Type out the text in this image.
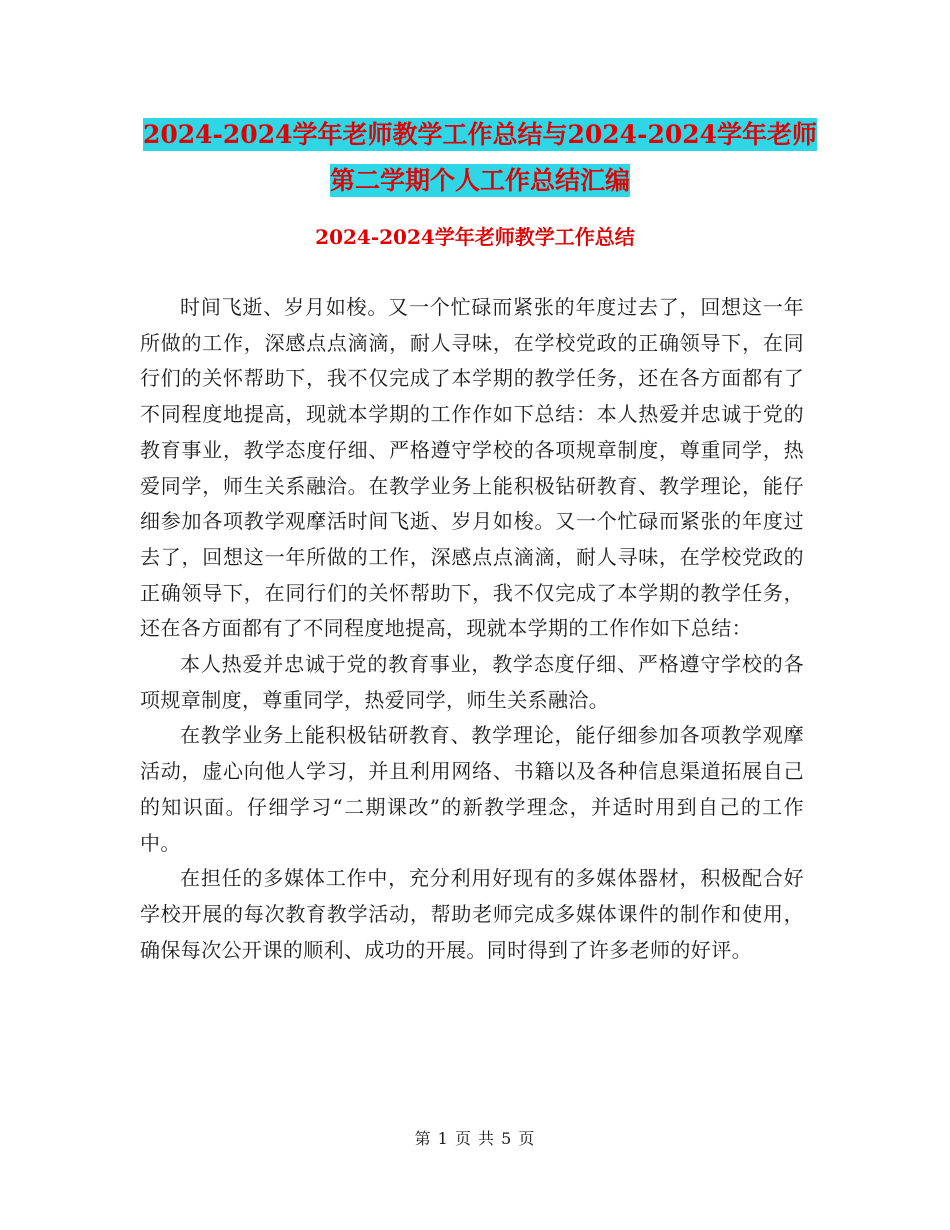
2024-2024学年老师教学工作总结与2024-2024学年老师第二学期个人工作总结汇编
2024-2024学年老师教学工作总结

时间飞逝、岁月如梭。又一个忙碌而紧张的年度过去了，回想这一年所做的工作，深感点点滴滴，耐人寻味，在学校党政的正确领导下，在同行们的关怀帮助下，我不仅完成了本学期的教学任务，还在各方面都有了不同程度地提高，现就本学期的工作作如下总结：本人热爱并忠诚于党的教育事业，教学态度仔细、严格遵守学校的各项规章制度，尊重同学，热爱同学，师生关系融洽。在教学业务上能积极钻研教育、教学理论，能仔细参加各项教学观摩活时间飞逝、岁月如梭。又一个忙碌而紧张的年度过去了，回想这一年所做的工作，深感点点滴滴，耐人寻味，在学校党政的正确领导下，在同行们的关怀帮助下，我不仅完成了本学期的教学任务，还在各方面都有了不同程度地提高，现就本学期的工作作如下总结：

本人热爱并忠诚于党的教育事业，教学态度仔细、严格遵守学校的各项规章制度，尊重同学，热爱同学，师生关系融洽。

在教学业务上能积极钻研教育、教学理论，能仔细参加各项教学观摩活动，虚心向他人学习，并且利用网络、书籍以及各种信息渠道拓展自己的知识面。仔细学习“二期课改”的新教学理念，并适时用到自己的工作中。

在担任的多媒体工作中，充分利用好现有的多媒体器材，积极配合好学校开展的每次教育教学活动，帮助老师完成多媒体课件的制作和使用，确保每次公开课的顺利、成功的开展。同时得到了许多老师的好评。

第 1 页 共 5 页
